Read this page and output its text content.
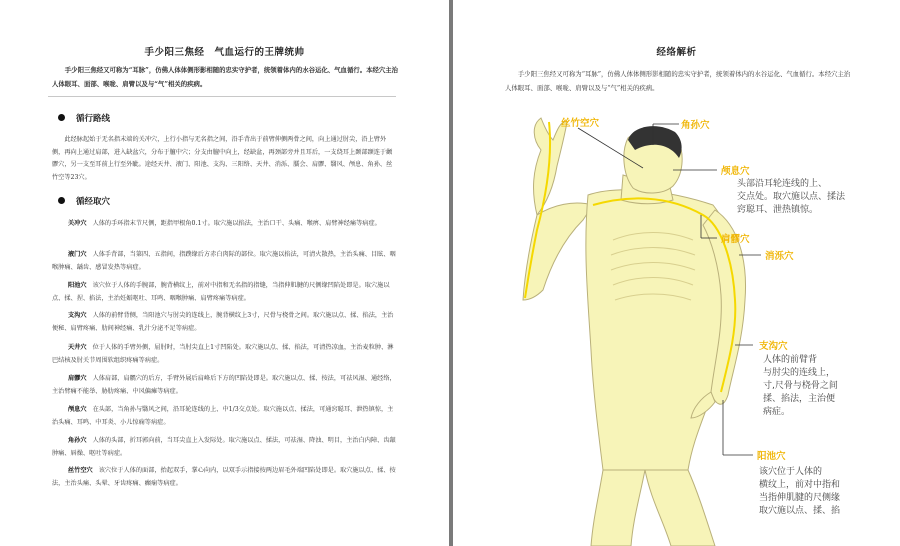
手少阳三焦经　气血运行的王牌统帅
手少阳三焦经又可称为“耳脉”，仿佛人体体侧形影相随的忠实守护者，统领着体内的水谷运化、气血循行。本经穴主治人体眼耳、面部、喉咙、肩臂以及与“气”相关的疾病。
循行路线
此经脉起始于无名指末端的关冲穴，上行小指与无名指之间，沿手背出于前臂伸侧两骨之间，向上通过肘尖，沿上臂外侧，再向上通过肩部，进入缺盆穴，分布于膻中穴；分支由膻中向上，经缺盆，再颈部旁并且耳后，一支绕耳上颞部颞连于颧髎穴，另一支至耳前上行至外眦。途经天井、液门、阳池、支沟、三阳络、天井、消泺、臑会、肩髎、翳风、颅息、角孙、丝竹空等23穴。
循经取穴
关冲穴 人体的手环指末节尺侧，距指甲根角0.1寸。取穴施以掐法，主治口干、头痛、喉痹、肩臂神经痛等病症。
液门穴 人体手背部，当第四、五指间，指蹼缘后方赤白肉际的部位。取穴施以掐法，可清火散热，主治头痛、目眩、咽喉肿痛、龋齿、感冒发热等病症。
阳池穴 该穴位于人体的手腕部，腕背横纹上，前对中指和无名指的指缝，当指伸肌腱的尺侧缘凹陷处即是。取穴施以点、揉、捏、掐法，主治妊娠呕吐、耳鸣、咽喉肿痛、肩臂疼痛等病症。
支沟穴 人体的前臂背侧，当阳池穴与肘尖的连线上，腕背横纹上3寸，尺骨与桡骨之间。取穴施以点、揉、掐法，主治便秘、肩臂疼痛、肋间神经痛、乳汁分泌不足等病症。
天井穴 位于人体的手臂外侧，屈肘时，当肘尖直上1寸凹陷处。取穴施以点、揉、掐法，可清热凉血，主治麦粒肿、淋巴结核及肘关节周围软组织疼痛等病症。
肩髎穴 人体肩部，肩髃穴的后方，手臂外展后肩峰后下方的凹陷处即是。取穴施以点、揉、按法，可祛风湿、通经络，主治臂痛不能举、胁肋疼痛、中风偏瘫等病症。
颅息穴 在头部，当角孙与翳风之间，沿耳轮连线的上、中1/3交点处。取穴施以点、揉法，可通窍聪耳、泄热镇惊，主治头痛、耳鸣、中耳炎、小儿惊痫等病症。
角孙穴 人体的头部，折耳郭向前，当耳尖直上入发际处。取穴施以点、揉法，可祛湿、降浊、明目，主治白内障、齿龈肿痛、唇燥、呕吐等病症。
丝竹空穴 该穴位于人体的面部，抬起双手，掌心向内，以双手示指接按两边眉毛外端凹陷处即是。取穴施以点、揉、按法，主治头痛、头晕、牙齿疼痛、癫痫等病症。
经络解析
手少阳三焦经又可称为“耳脉”，仿佛人体体侧形影相随的忠实守护者，统领着体内的水谷运化、气血循行。本经穴主治人体眼耳、面部、喉咙、肩臂以及与“气”相关的疾病。
丝竹空穴	角孙穴
颅息穴
肩髎穴
消泺穴
支沟穴
阳池穴
头部沿耳轮连线的上、
交点处。取穴施以点、揉法
窍聪耳、泄热镇惊。
人体的前臂背
与肘尖的连线上，
寸,尺骨与桡骨之间
揉、掐法，主治便
病症。
该穴位于人体的
横纹上，前对中指和
当指伸肌腱的尺侧缘
取穴施以点、揉、掐
